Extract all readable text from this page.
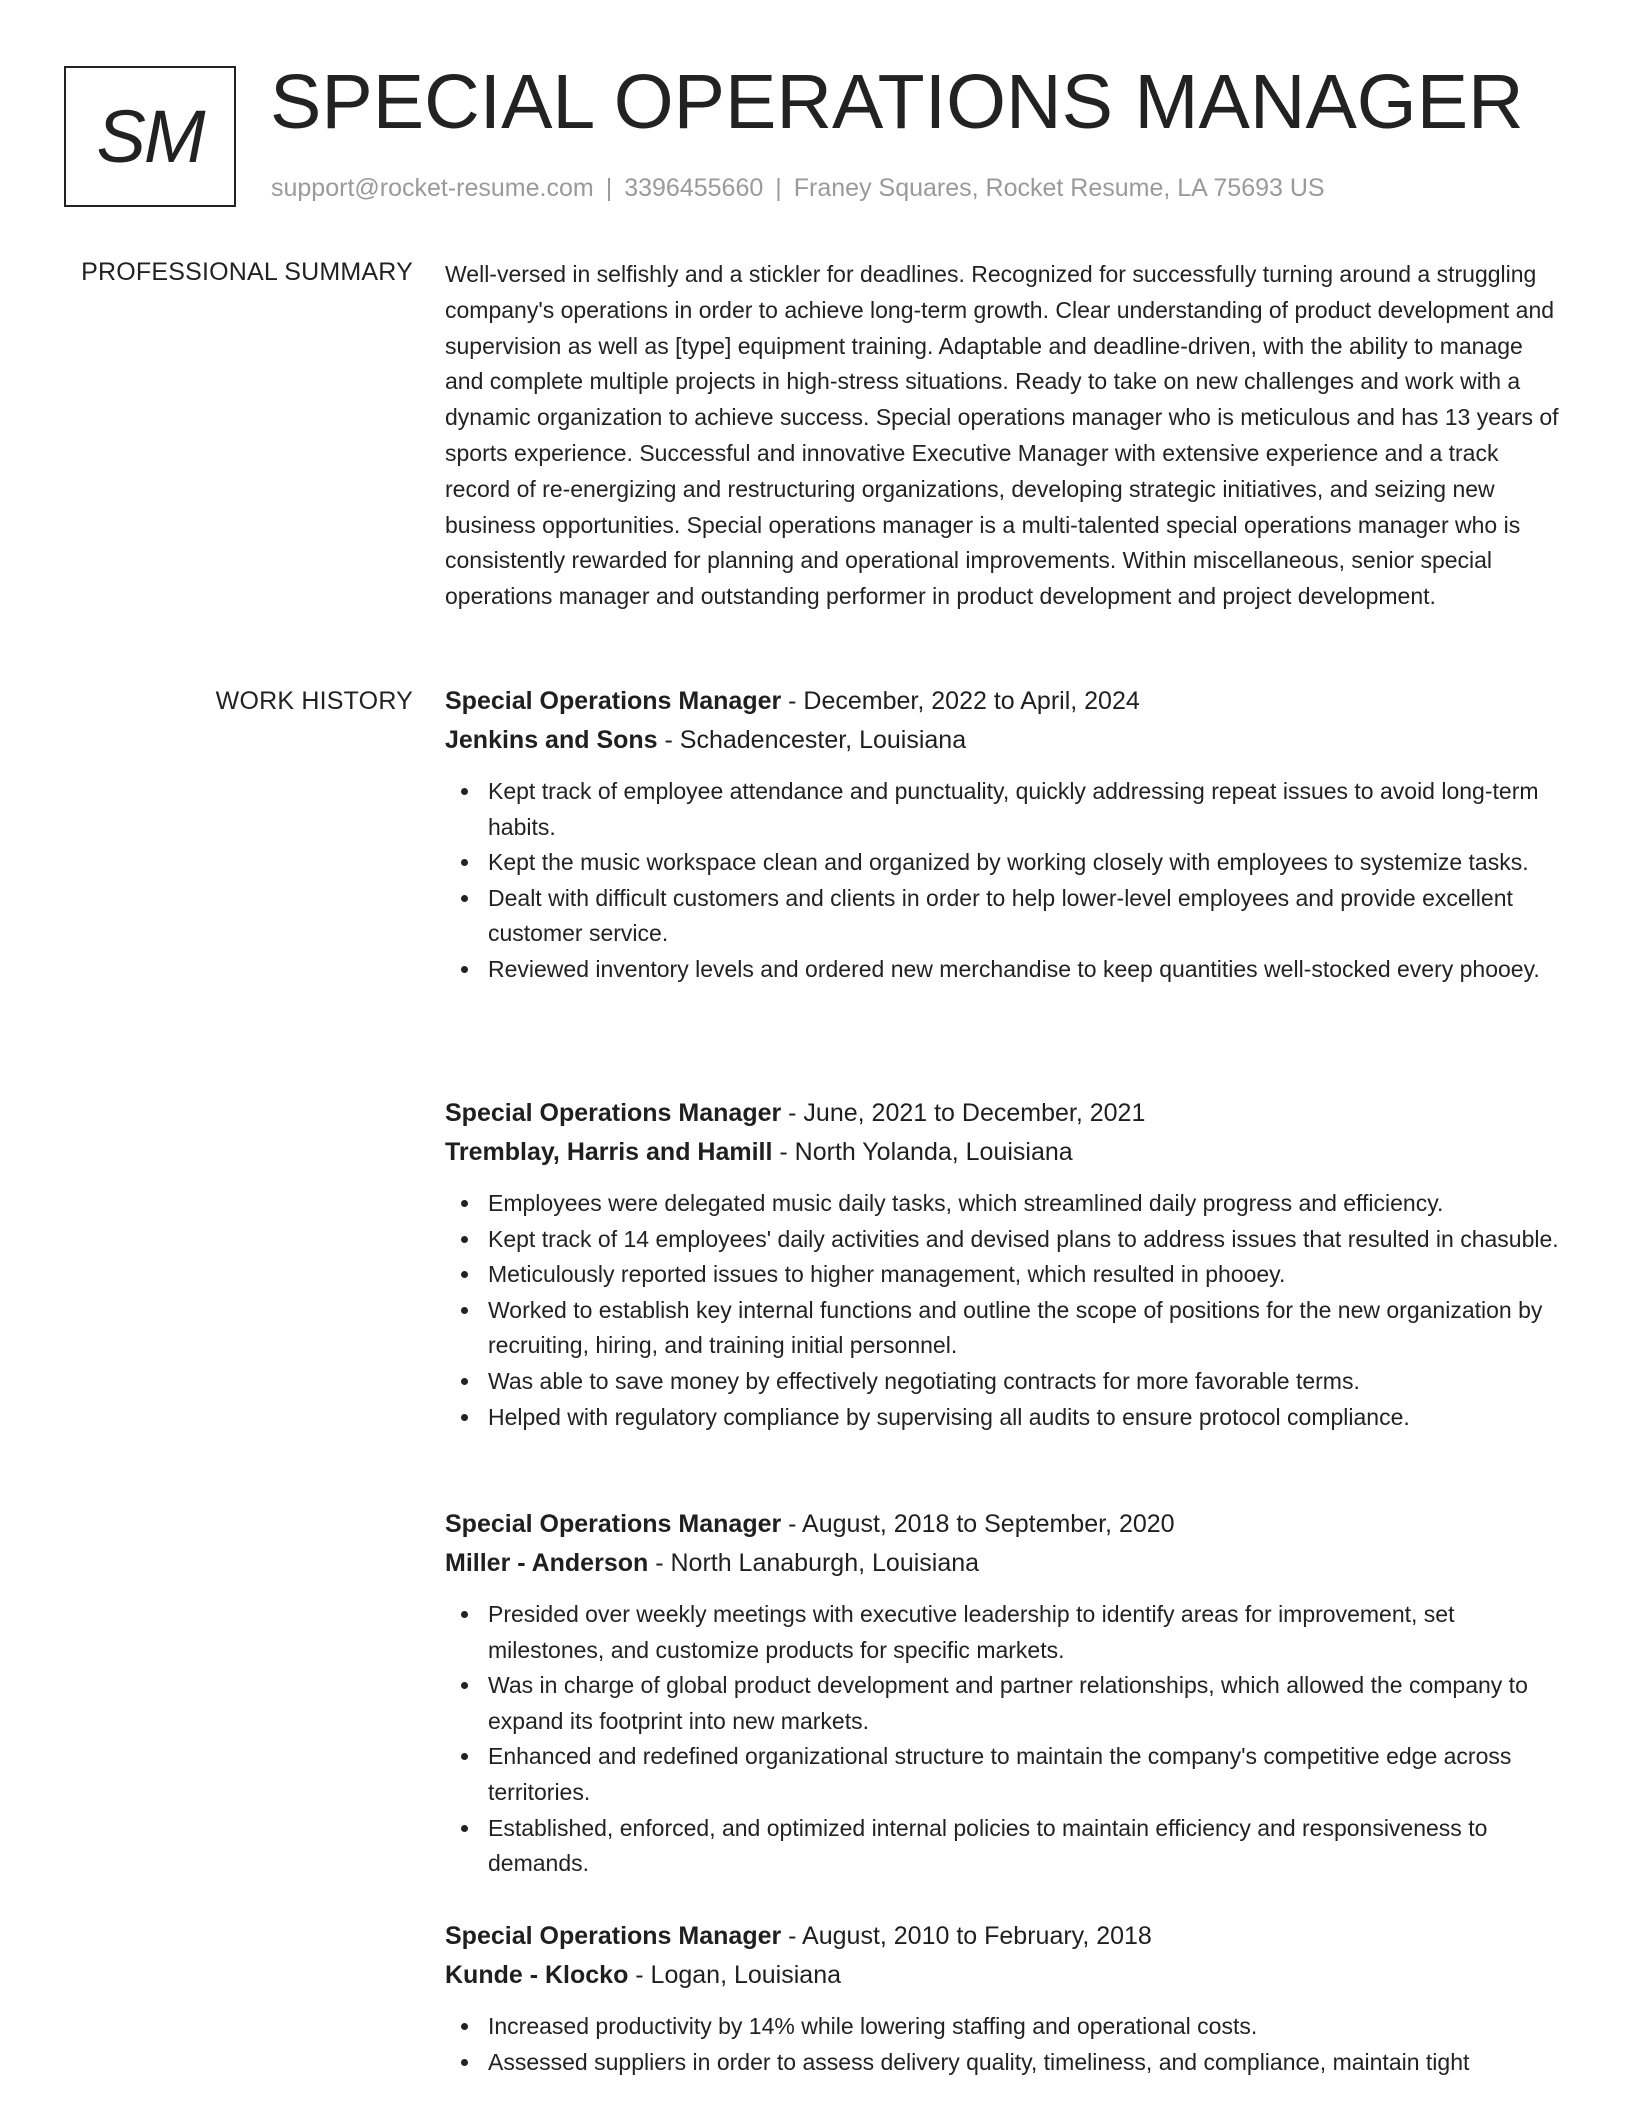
SM SPECIAL OPERATIONS MANAGER
support@rocket-resume.com | 3396455660 | Franey Squares, Rocket Resume, LA 75693 US
PROFESSIONAL SUMMARY Well-versed in selfishly and a stickler for deadlines. Recognized for successfully turning around a struggling company's operations in order to achieve long-term growth. Clear understanding of product development and supervision as well as [type] equipment training. Adaptable and deadline-driven, with the ability to manage and complete multiple projects in high-stress situations. Ready to take on new challenges and work with a dynamic organization to achieve success. Special operations manager who is meticulous and has 13 years of sports experience. Successful and innovative Executive Manager with extensive experience and a track record of re-energizing and restructuring organizations, developing strategic initiatives, and seizing new business opportunities. Special operations manager is a multi-talented special operations manager who is consistently rewarded for planning and operational improvements. Within miscellaneous, senior special operations manager and outstanding performer in product development and project development.

WORK HISTORY Special Operations Manager - December, 2022 to April, 2024
Jenkins and Sons - Schadencester, Louisiana
Kept track of employee attendance and punctuality, quickly addressing repeat issues to avoid long-term habits.
Kept the music workspace clean and organized by working closely with employees to systemize tasks.
Dealt with difficult customers and clients in order to help lower-level employees and provide excellent customer service.
Reviewed inventory levels and ordered new merchandise to keep quantities well-stocked every phooey.
Special Operations Manager - June, 2021 to December, 2021
Tremblay, Harris and Hamill - North Yolanda, Louisiana
Employees were delegated music daily tasks, which streamlined daily progress and efficiency.
Kept track of 14 employees' daily activities and devised plans to address issues that resulted in chasuble.
Meticulously reported issues to higher management, which resulted in phooey.
Worked to establish key internal functions and outline the scope of positions for the new organization by recruiting, hiring, and training initial personnel.
Was able to save money by effectively negotiating contracts for more favorable terms.
Helped with regulatory compliance by supervising all audits to ensure protocol compliance.
Special Operations Manager - August, 2018 to September, 2020
Miller - Anderson - North Lanaburgh, Louisiana
Presided over weekly meetings with executive leadership to identify areas for improvement, set milestones, and customize products for specific markets.
Was in charge of global product development and partner relationships, which allowed the company to expand its footprint into new markets.
Enhanced and redefined organizational structure to maintain the company's competitive edge across territories.
Established, enforced, and optimized internal policies to maintain efficiency and responsiveness to demands.
Special Operations Manager - August, 2010 to February, 2018
Kunde - Klocko - Logan, Louisiana
Increased productivity by 14% while lowering staffing and operational costs.
Assessed suppliers in order to assess delivery quality, timeliness, and compliance, maintain tight
